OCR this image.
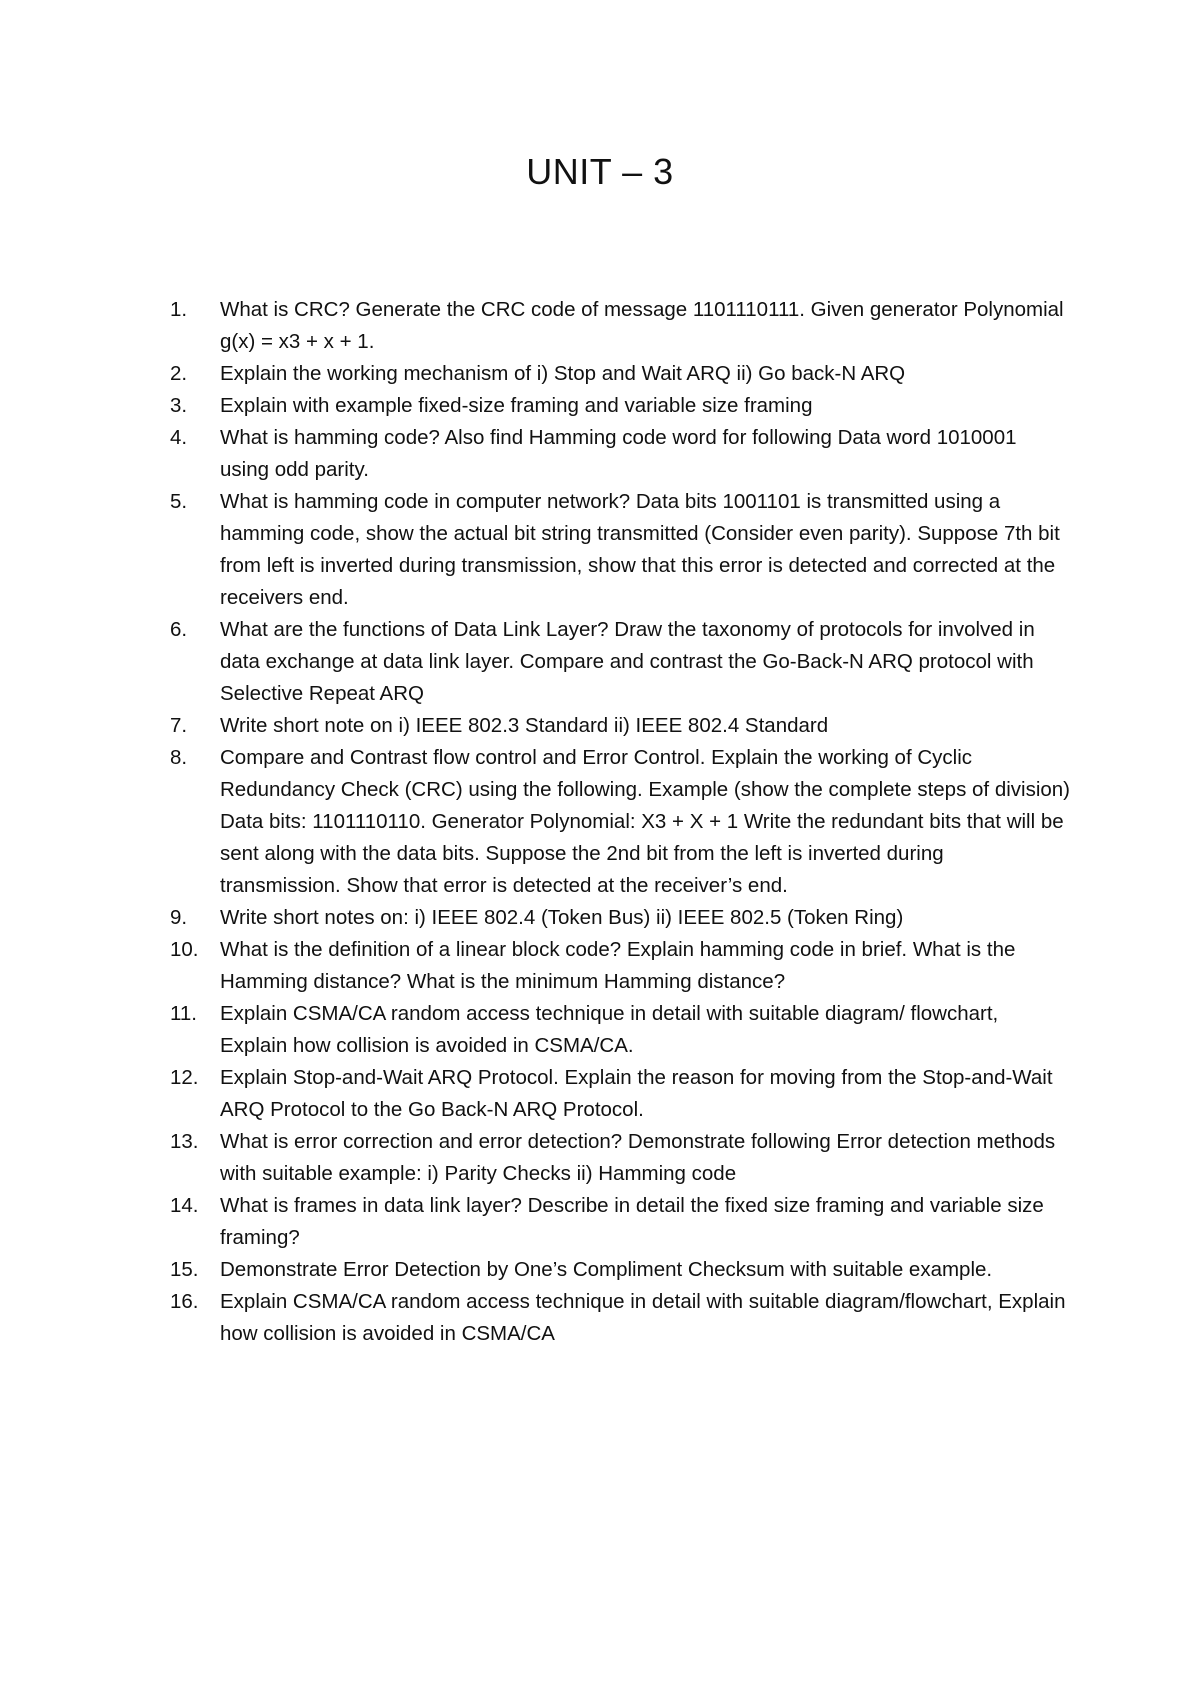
UNIT – 3
1.	What is CRC? Generate the CRC code of message 1101110111. Given generator Polynomial g(x) = x3 + x + 1.
2.	Explain the working mechanism of i) Stop and Wait ARQ ii) Go back-N ARQ
3.	Explain with example fixed-size framing and variable size framing
4.	What is hamming code? Also find Hamming code word for following Data word 1010001 using odd parity.
5.	What is hamming code in computer network? Data bits 1001101 is transmitted using a hamming code, show the actual bit string transmitted (Consider even parity). Suppose 7th bit from left is inverted during transmission, show that this error is detected and corrected at the receivers end.
6.	What are the functions of Data Link Layer? Draw the taxonomy of protocols for involved in data exchange at data link layer. Compare and contrast the Go-Back-N ARQ protocol with Selective Repeat ARQ
7.	Write short note on i) IEEE 802.3 Standard ii) IEEE 802.4 Standard
8.	Compare and Contrast flow control and Error Control. Explain the working of Cyclic Redundancy Check (CRC) using the following. Example (show the complete steps of division) Data bits: 1101110110. Generator Polynomial: X3 + X + 1 Write the redundant bits that will be sent along with the data bits. Suppose the 2nd bit from the left is inverted during transmission. Show that error is detected at the receiver’s end.
9.	Write short notes on: i) IEEE 802.4 (Token Bus) ii) IEEE 802.5 (Token Ring)
10.	What is the definition of a linear block code? Explain hamming code in brief. What is the Hamming distance? What is the minimum Hamming distance?
11.	Explain CSMA/CA random access technique in detail with suitable diagram/ flowchart, Explain how collision is avoided in CSMA/CA.
12.	Explain Stop-and-Wait ARQ Protocol. Explain the reason for moving from the Stop-and-Wait ARQ Protocol to the Go Back-N ARQ Protocol.
13.	What is error correction and error detection? Demonstrate following Error detection methods with suitable example: i) Parity Checks ii) Hamming code
14.	What is frames in data link layer? Describe in detail the fixed size framing and variable size framing?
15.	Demonstrate Error Detection by One’s Compliment Checksum with suitable example.
16.	Explain CSMA/CA random access technique in detail with suitable diagram/flowchart, Explain how collision is avoided in CSMA/CA
